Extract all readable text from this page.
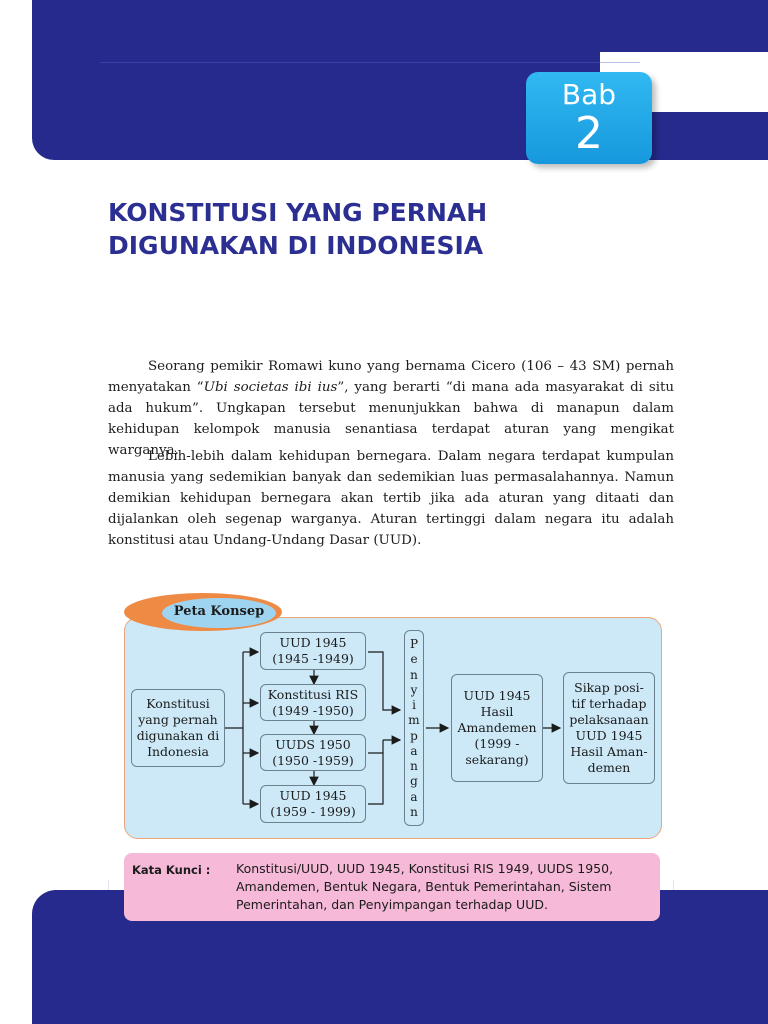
Bab
2
KONSTITUSI YANG PERNAH
DIGUNAKAN DI INDONESIA

Seorang pemikir Romawi kuno yang bernama Cicero (106 – 43 SM) pernah menyatakan “Ubi societas ibi ius”, yang berarti “di mana ada masyarakat di situ ada hukum”. Ungkapan tersebut menunjukkan bahwa di manapun dalam kehidupan kelompok manusia senantiasa terdapat aturan yang mengikat warganya.

Lebih-lebih dalam kehidupan bernegara. Dalam negara terdapat kumpulan manusia yang sedemikian banyak dan sedemikian luas permasalahannya. Namun demikian kehidupan bernegara akan tertib jika ada aturan yang ditaati dan dijalankan oleh segenap warganya. Aturan tertinggi dalam negara itu adalah konstitusi atau Undang-Undang Dasar (UUD).

Peta Konsep
Konstitusi
yang pernah
digunakan di
Indonesia
UUD 1945
(1945 -1949)
Konstitusi RIS
(1949 -1950)
UUDS 1950
(1950 -1959)
UUD 1945
(1959 - 1999)
P
e
n
y
i
m
p
a
n
g
a
n
UUD 1945
Hasil
Amandemen
(1999 -
sekarang)
Sikap posi-
tif terhadap
pelaksanaan
UUD 1945
Hasil Aman-
demen
Kata Kunci : Konstitusi/UUD, UUD 1945, Konstitusi RIS 1949, UUDS 1950, Amandemen, Bentuk Negara, Bentuk Pemerintahan, Sistem Pemerintahan, dan Penyimpangan terhadap UUD.
